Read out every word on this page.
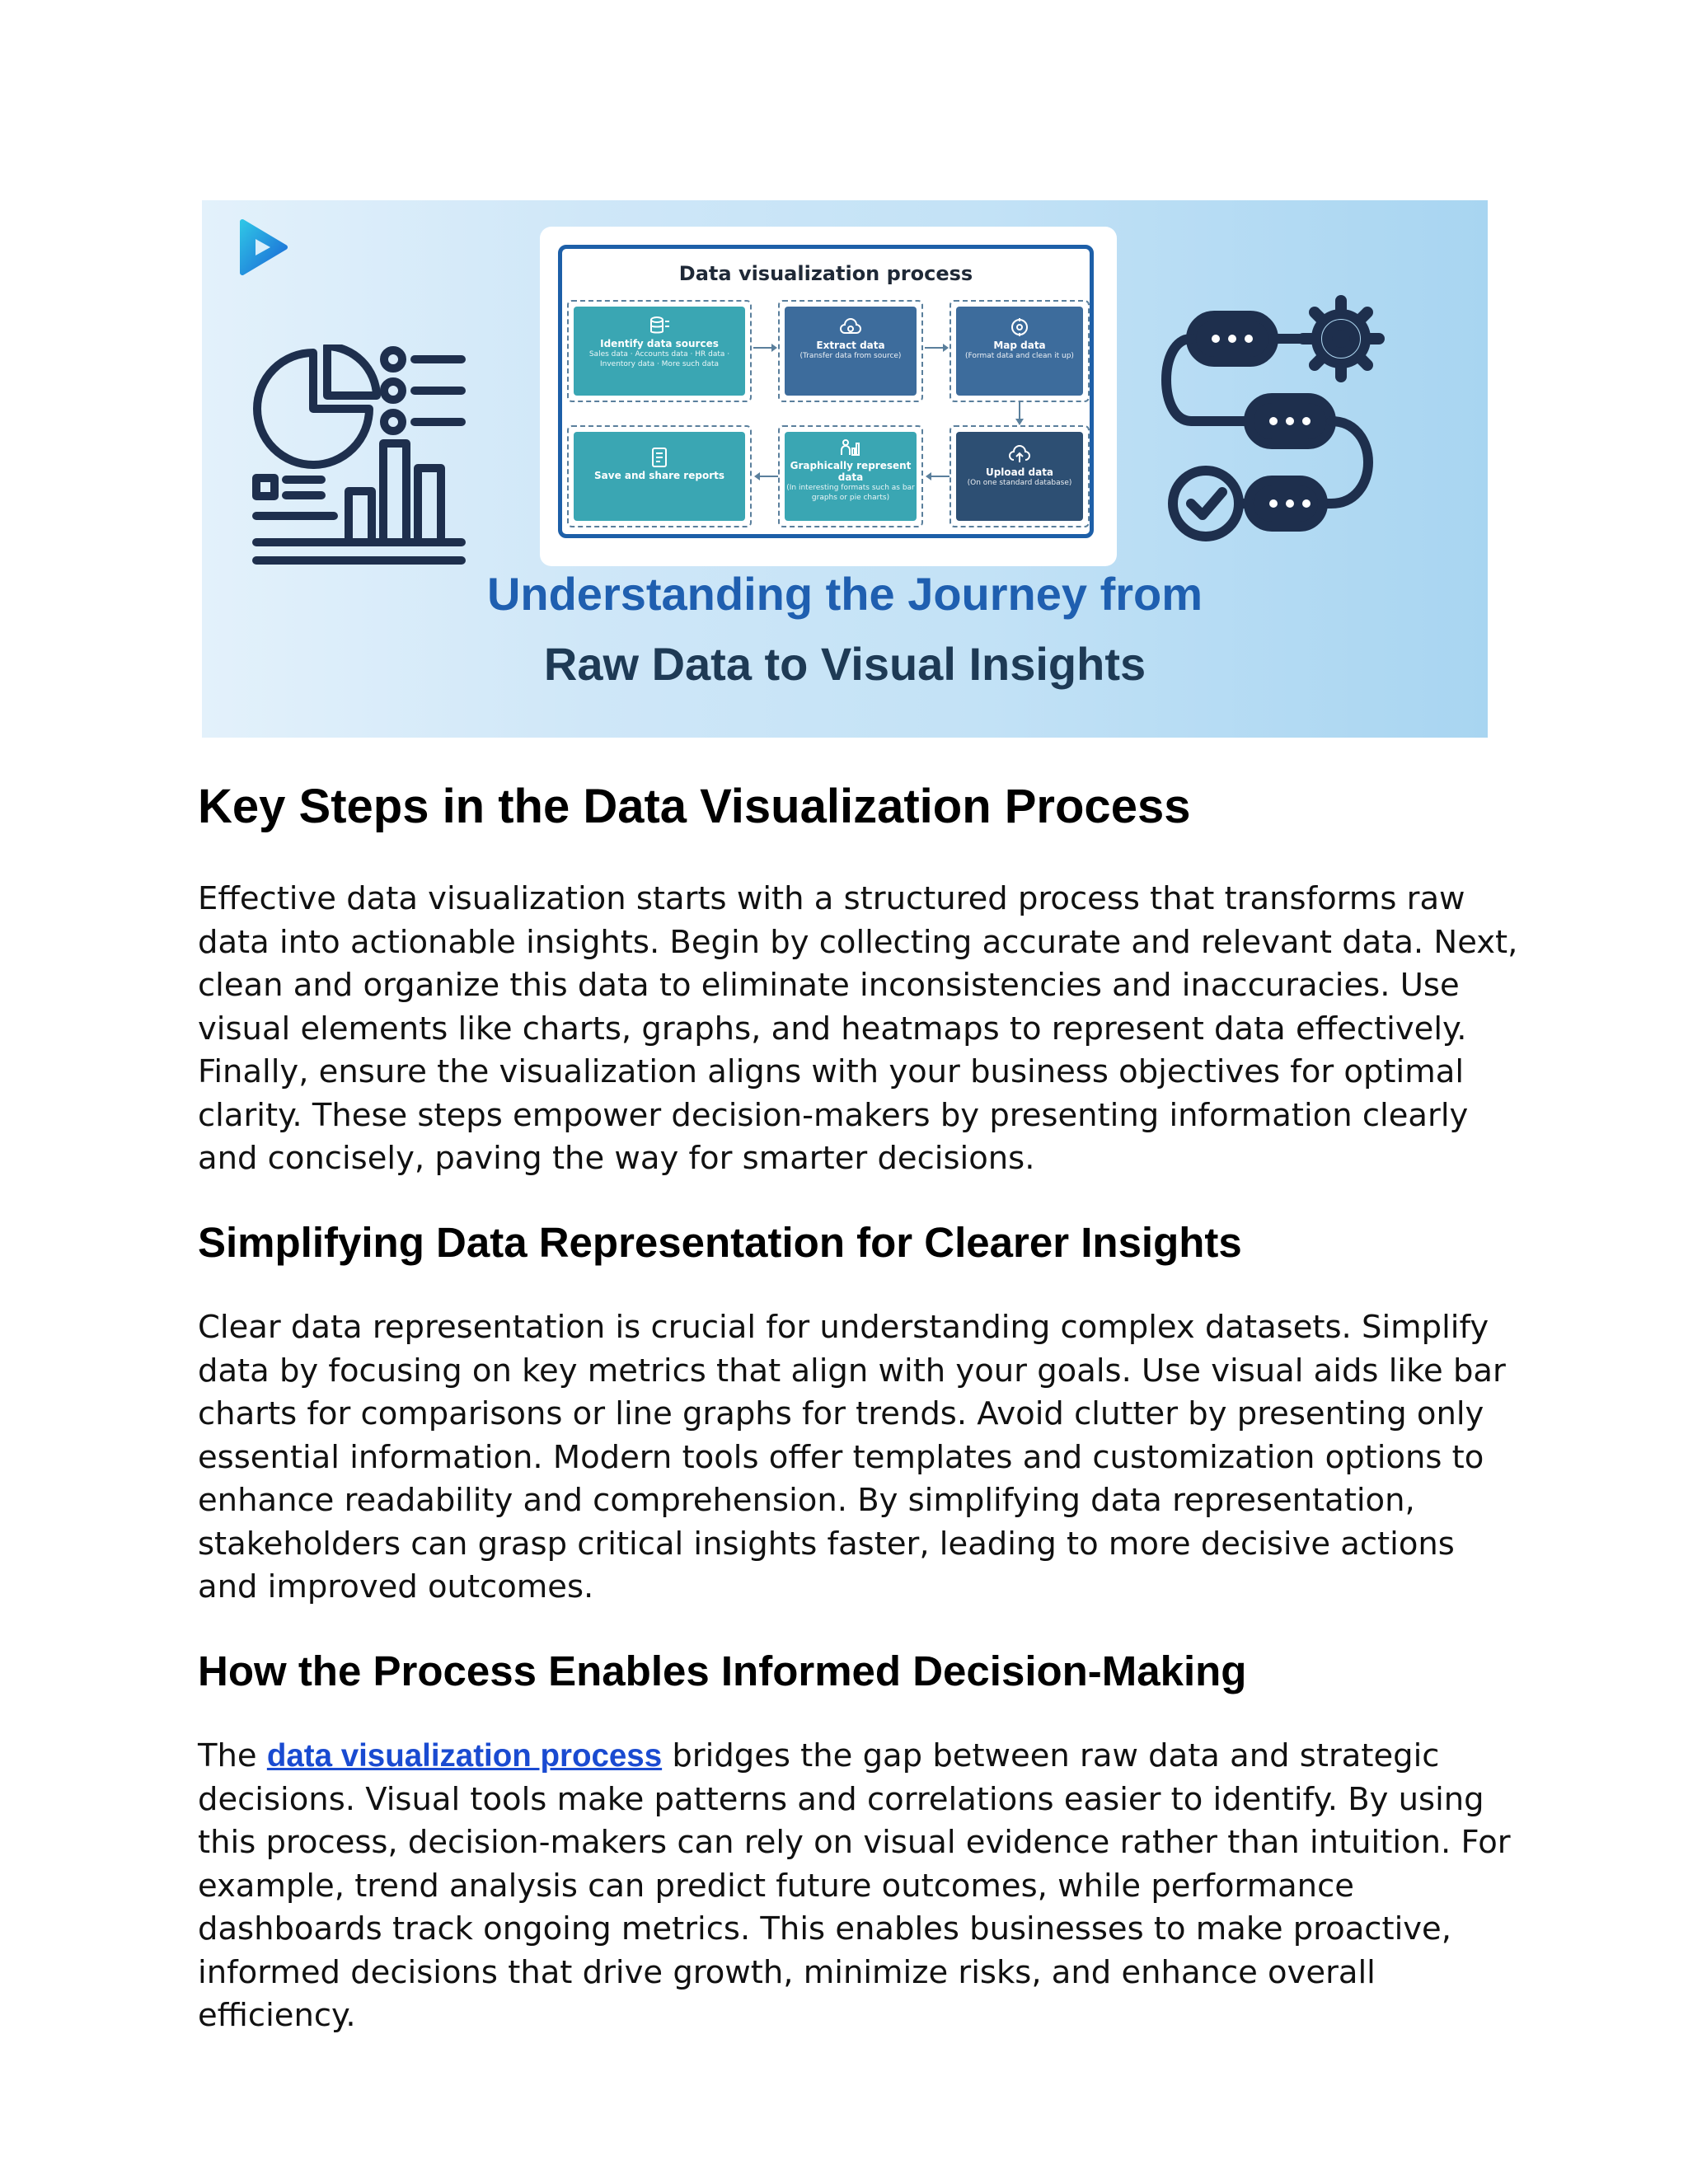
Data visualization process
Identify data sources
Sales data · Accounts data · HR data · Inventory data · More such data
Extract data
(Transfer data from source)
Map data
(Format data and clean it up)
Save and share reports
Graphically represent data
(In interesting formats such as bar graphs or pie charts)
Upload data
(On one standard database)
Understanding the Journey from
Raw Data to Visual Insights
Key Steps in the Data Visualization Process

Effective data visualization starts with a structured process that transforms raw
data into actionable insights. Begin by collecting accurate and relevant data. Next,
clean and organize this data to eliminate inconsistencies and inaccuracies. Use
visual elements like charts, graphs, and heatmaps to represent data effectively.
Finally, ensure the visualization aligns with your business objectives for optimal
clarity. These steps empower decision-makers by presenting information clearly
and concisely, paving the way for smarter decisions.

Simplifying Data Representation for Clearer Insights

Clear data representation is crucial for understanding complex datasets. Simplify
data by focusing on key metrics that align with your goals. Use visual aids like bar
charts for comparisons or line graphs for trends. Avoid clutter by presenting only
essential information. Modern tools offer templates and customization options to
enhance readability and comprehension. By simplifying data representation,
stakeholders can grasp critical insights faster, leading to more decisive actions
and improved outcomes.

How the Process Enables Informed Decision-Making

The data visualization process bridges the gap between raw data and strategic
decisions. Visual tools make patterns and correlations easier to identify. By using
this process, decision-makers can rely on visual evidence rather than intuition. For
example, trend analysis can predict future outcomes, while performance
dashboards track ongoing metrics. This enables businesses to make proactive,
informed decisions that drive growth, minimize risks, and enhance overall
efficiency.
